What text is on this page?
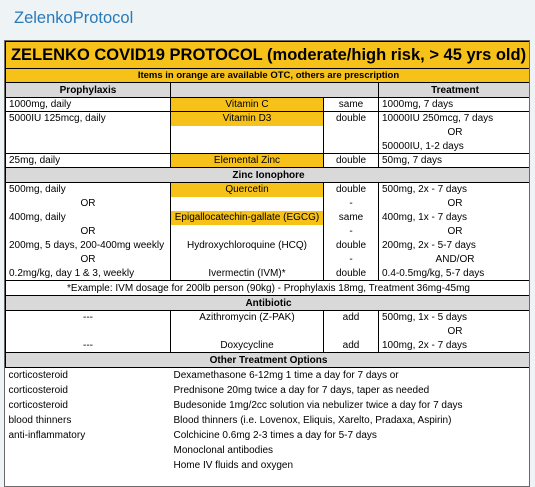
ZelenkoProtocol
ZELENKO COVID19 PROTOCOL (moderate/high risk, > 45 yrs old)			
Items in orange are available OTC, others are prescription			
Prophylaxis			Treatment
1000mg, daily	Vitamin C	same	1000mg, 7 days
5000IU 125mcg, daily	Vitamin D3	double	10000IU 250mcg, 7 days
			OR
			50000IU, 1-2 days
25mg, daily	Elemental Zinc	double	50mg, 7 days
Zinc Ionophore			
500mg, daily	Quercetin	double	500mg, 2x - 7 days
OR		-	OR
400mg, daily	Epigallocatechin-gallate (EGCG)	same	400mg, 1x - 7 days
OR		-	OR
200mg, 5 days, 200-400mg weekly	Hydroxychloroquine (HCQ)	double	200mg, 2x - 5-7 days
OR		-	AND/OR
0.2mg/kg, day 1 & 3, weekly	Ivermectin (IVM)*	double	0.4-0.5mg/kg, 5-7 days
*Example: IVM dosage for 200lb person (90kg) - Prophylaxis 18mg, Treatment 36mg-45mg			
Antibiotic			
---	Azithromycin (Z-PAK)	add	500mg, 1x - 5 days
			OR
---	Doxycycline	add	100mg, 2x - 7 days
Other Treatment Options			
corticosteroid	Dexamethasone 6-12mg 1 time a day for 7 days or		
corticosteroid	Prednisone 20mg twice a day for 7 days, taper as needed		
corticosteroid	Budesonide 1mg/2cc solution via nebulizer twice a day for 7 days		
blood thinners	Blood thinners (i.e. Lovenox, Eliquis, Xarelto, Pradaxa, Aspirin)		
anti-inflammatory	Colchicine 0.6mg 2-3 times a day for 5-7 days		
	Monoclonal antibodies		
	Home IV fluids and oxygen		
